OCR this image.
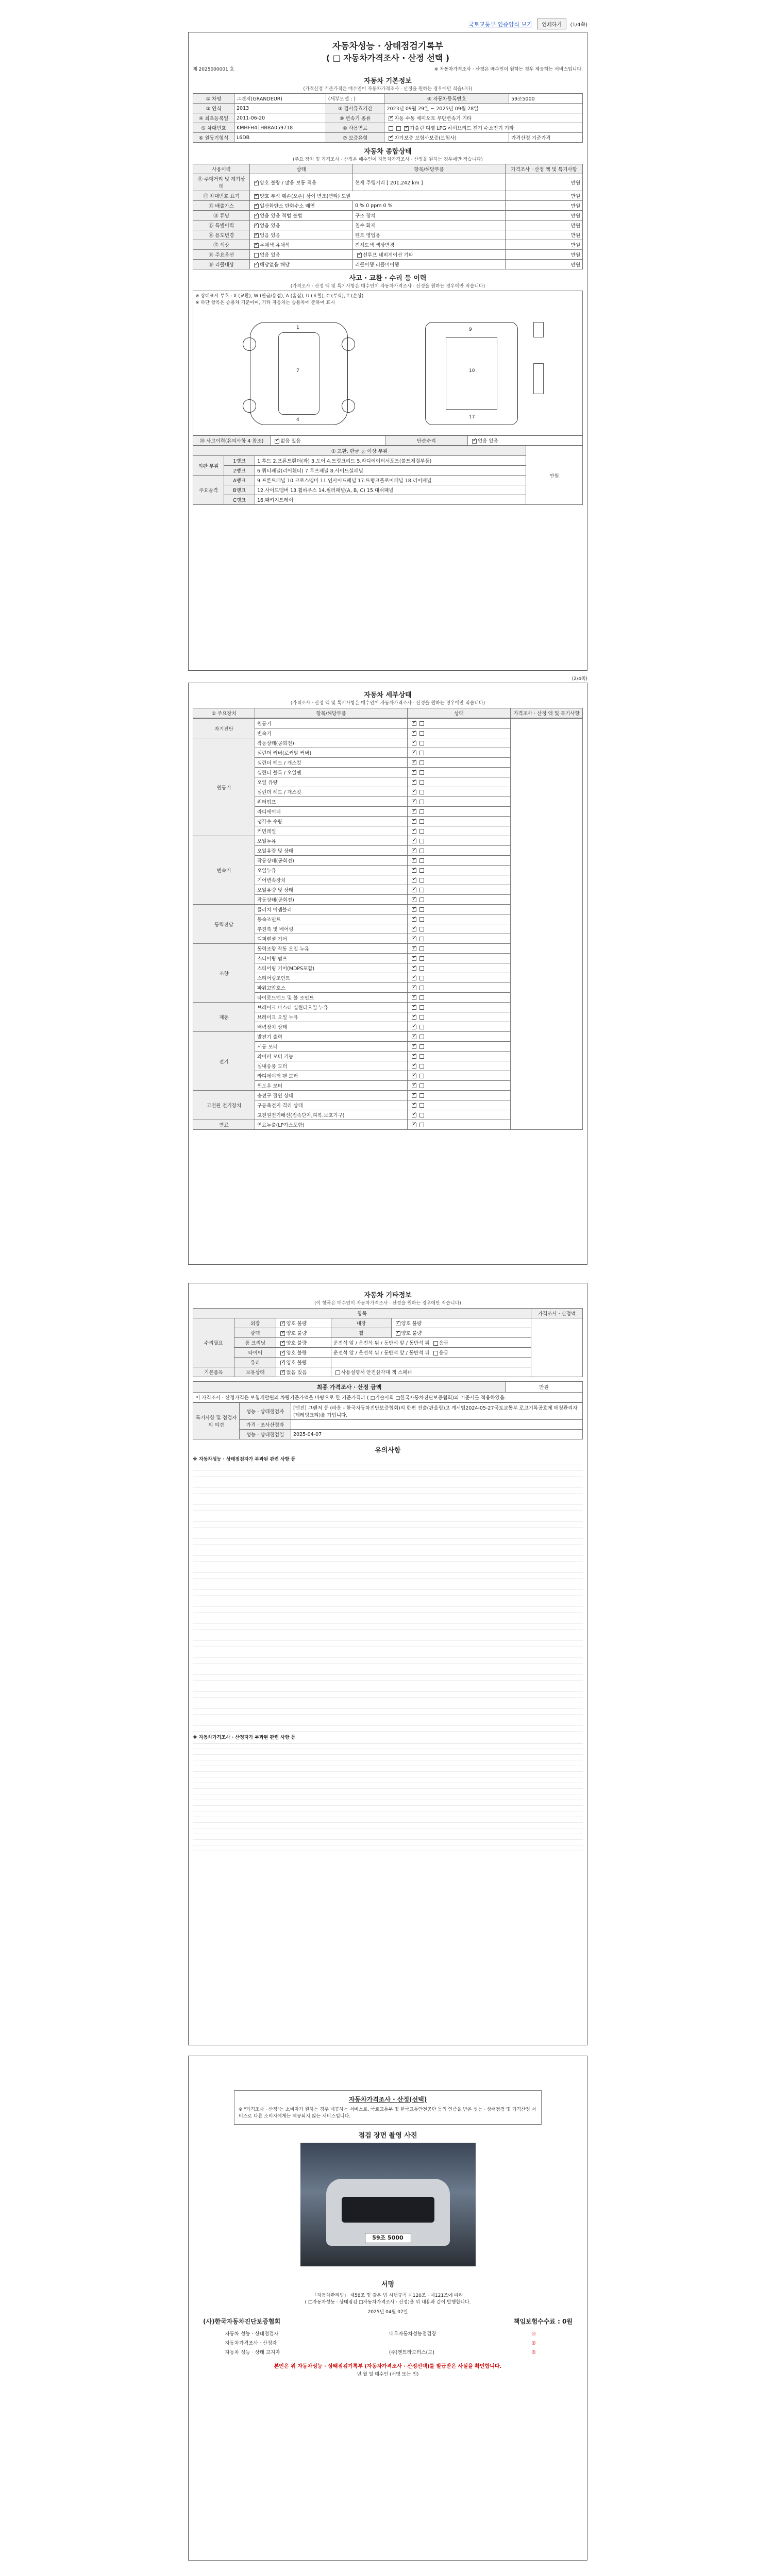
국토교통부 인증양식 보기 인쇄하기 (1/4쪽)
자동차성능 · 상태점검기록부
( □ 자동차가격조사 · 산정 선택 )
제 2025000001 호	※ 자동차가격조사 · 산정은 매수인이 원하는 경우 제공하는 서비스입니다.
자동차 기본정보
(가격산정 기준가격은 매수인이 자동차가격조사 · 산정을 원하는 경우에만 적습니다)
① 차명	그랜저(GRANDEUR)	(세부모델 : )	⑧ 자동차등록번호	59조5000
② 연식	2013	③ 검사유효기간	2023년 09월 29일 ~ 2025년 09월 28일	
④ 최초등록일	2011-06-20	⑨ 변속기 종류	✓자동 수동 세미오토 무단변속기 기타
⑤ 차대번호	KMHFH41HBBA059718	⑩ 사용연료	✓가솔린 디젤 LPG 하이브리드 전기 수소전기 기타
⑥ 원동기형식	L6DB	⑦ 보증유형	✓자가보증 보험사보증(보험사)	가격산정 기준가격
자동차 종합상태
(주요 장치 및 가격조사 · 산정은 매수인이 자동차가격조사 · 산정을 원하는 경우에만 적습니다)
사용이력	상태	항목/해당부품	가격조사 · 산정 액 및 특기사항
⑪ 주행거리 및 계기상태	✓양호 불량 / 많음 보통 적음	현재 주행거리 [ 201,242 km ]	만원
⑫ 차대번호 표기	✓양호 부식 훼손(오손) 상이 변조(변타) 도말		만원
⑬ 배출가스	✓일산화탄소 탄화수소 매연	0 % 0 ppm 0 %	만원
⑭ 튜닝	✓없음 있음 적법 불법	구조 장치	만원
⑮ 특별이력	✓없음 있음	침수 화재	만원
⑯ 용도변경	✓없음 있음	렌트 영업용	만원
⑰ 색상	✓무채색 유채색	전체도색 색상변경	만원
⑱ 주요옵션	없음 있음	✓선루프 네비게이션 기타	만원
⑲ 리콜대상	✓해당없음 해당	리콜이행 리콜미이행	만원
사고 · 교환 · 수리 등 이력
(가격조사 · 산정 액 및 특기사항은 매수인이 자동차가격조사 · 산정을 원하는 경우에만 적습니다)
※ 상태표시 부호 : X (교환), W (판금/용접), A (흠집), U (요철), C (부식), T (손상)
※ 하단 항목은 승용차 기준이며, 기타 자동차는 승용차에 준하여 표시
1
7
4
9
10
17
⑳ 사고이력(유의사항 4 참조)	✓없음 있음	단순수리	✓없음 있음
① 교환, 판금 등 이상 부위			만원
외판 부위	1랭크	1.후드 2.프론트휀더(좌) 3.도어 4.트렁크리드 5.라디에이터서포트(볼트체결부품)	
	2랭크	6.쿼터패널(리어휀더) 7.루프패널 8.사이드실패널	
주요골격	A랭크	9.프론트패널 10.크로스멤버 11.인사이드패널 17.트렁크플로어패널 18.리어패널	
	B랭크	12.사이드멤버 13.휠하우스 14.필러패널(A, B, C) 15.대쉬패널	
	C랭크	16.패키지트레이	
(2/4쪽)
자동차 세부상태
(가격조사 · 산정 액 및 특기사항은 매수인이 자동차가격조사 · 산정을 원하는 경우에만 적습니다)
② 주요장치	항목/해당부품	상태	가격조사 · 산정 액 및 특기사항
자기진단	원동기	✓	
	변속기	✓
원동기	작동상태(공회전)	✓
	실린더 커버(로커암 커버)	✓
	실린더 헤드 / 개스킷	✓
	실린더 블록 / 오일팬	✓
	오일 유량	✓
	실린더 헤드 / 개스킷	✓
	워터펌프	✓
	라디에이터	✓
	냉각수 수량	✓
	커먼레일	✓
변속기	오일누유	✓
	오일유량 및 상태	✓
	작동상태(공회전)	✓
	오일누유	✓
	기어변속장치	✓
	오일유량 및 상태	✓
	작동상태(공회전)	✓
동력전달	클러치 어셈블리	✓
	등속조인트	✓
	추진축 및 베어링	✓
	디퍼렌셜 기어	✓
조향	동력조향 작동 오일 누유	✓
	스티어링 펌프	✓
	스티어링 기어(MDPS포함)	✓
	스티어링조인트	✓
	파워고압호스	✓
	타이로드엔드 및 볼 조인트	✓
제동	브레이크 마스터 실린더오일 누유	✓
	브레이크 오일 누유	✓
	배력장치 상태	✓
전기	발전기 출력	✓
	시동 모터	✓
	와이퍼 모터 기능	✓
	실내송풍 모터	✓
	라디에이터 팬 모터	✓
	윈도우 모터	✓
고전원 전기장치	충전구 절연 상태	✓
	구동축전지 격리 상태	✓
	고전원전기배선(접속단자,피복,보호기구)	✓
연료	연료누출(LP가스포함)	✓
자동차 기타정보
(이 항목은 매수인이 자동차가격조사 · 산정을 원하는 경우에만 적습니다)
항목					가격조사 · 산정액
수리필요	외장	✓양호 불량	내장	✓양호 불량	
	광택	✓양호 불량	휠	✓양호 불량
	룸 크리닝	✓양호 불량	운전석 앞 / 운전석 뒤 / 동반석 앞 / 동반석 뒤 응급		
	타이어	✓양호 불량	운전석 앞 / 운전석 뒤 / 동반석 앞 / 동반석 뒤 응급		
	유리	✓양호 불량	
기본품목	보유상태	✓없음 있음	사용설명서 안전삼각대 잭 스패너		
최종 가격조사 · 산정 금액	만원
이 가격조사 · 산정가격은 보험개발원의 차량기준가액을 바탕으로 한 기준가격과 ( □기술사회 □한국자동차진단보증협회)의 기준서를 적용하였음.
특기사항 및 점검자의 의견	성능 · 상태점검자	[엔진] 그랜저 등 (라운 - 한국자동차진단보증협회)의 한편 진출(판올림)고 계시팀2024-05-27국토교통부 로고기록공호에 매칭관리자(테레빙크티)를 가입니다.
	가격 · 조사산정자	
	성능 · 상태점검일	2025-04-07
유의사항
※ 자동차성능 · 상태점검자가 부과된 관련 사항 등
※ 자동차가격조사 · 산정자가 부과된 관련 사항 등
자동차가격조사 · 산정(선택)
※ "가격조사 · 산정"는 소비자가 원하는 경우 제공하는 서비스로, 국토교통부 및 한국교통안전공단 등의 인증을 받은 성능 · 상태점검 및 가격산정 서비스로 다른 소비자에게는 제공되지 않는 서비스입니다.
점검 장면 촬영 사진
59조 5000
서명
「자동차관리법」 제58조 및 같은 법 시행규칙 제120조 · 제121조에 따라
( □자동차성능 · 상태점검 □자동차가격조사 · 산정)을 위 내용과 같이 발행합니다.
2025년 04월 07일
(사)한국자동차진단보증협회	책임보험수수료 : 0원
자동차 성능 · 상태점검자	대우자동차성능점검장	◎
자동차가격조사 · 산정자		◎
자동차 성능 · 상태 고지자	(주)엔트라모터스(모)	◎
본인은 위 자동차성능 · 상태점검기록부 (자동차가격조사 · 산정선택)를 발급받은 사실을 확인합니다.
년 월 일 매수인 (서명 또는 인)
